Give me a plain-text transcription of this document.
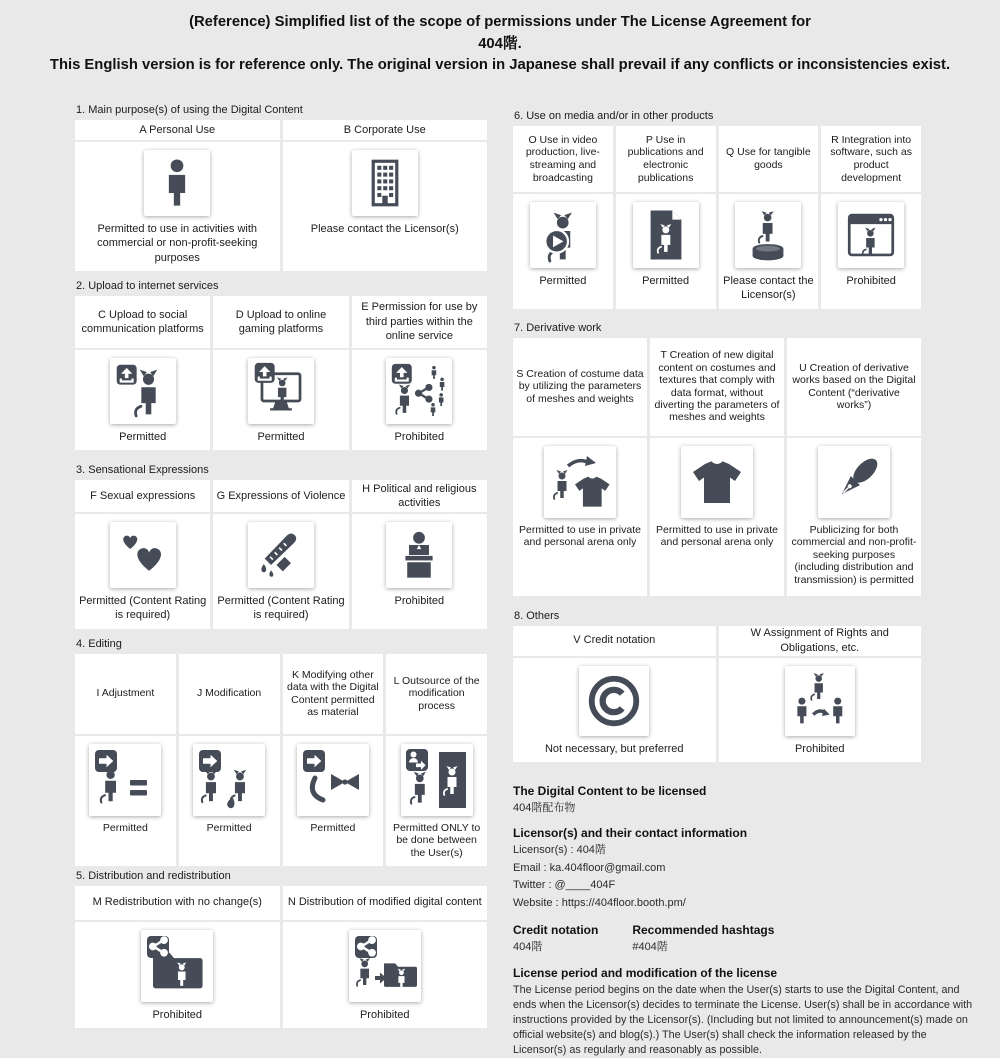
(Reference) Simplified list of the scope of permissions under The License Agreement for
404階.
This English version is for reference only. The original version in Japanese shall prevail if any conflicts or inconsistencies exist.
1. Main purpose(s) of using the Digital Content
A Personal Use
Permitted to use in activities with commercial or non-profit-seeking purposes
B Corporate Use
Please contact the Licensor(s)
2. Upload to internet services
C Upload to social communication platforms
Permitted
D Upload to online gaming platforms
Permitted
E Permission for use by third parties within the online service
Prohibited
3. Sensational Expressions
F Sexual expressions
Permitted (Content Rating is required)
G Expressions of Violence
Permitted (Content Rating is required)
H Political and religious activities
Prohibited
4. Editing
I Adjustment
Permitted
J Modification
Permitted
K Modifying other data with the Digital Content permitted as material
Permitted
L Outsource of the modification process
Permitted ONLY to be done between the User(s)
5. Distribution and redistribution
M Redistribution with no change(s)
Prohibited
N Distribution of modified digital content
Prohibited
6. Use on media and/or in other products
O Use in video production, live-streaming and broadcasting
Permitted
P Use in publications and electronic publications
Permitted
Q Use for tangible goods
Please contact the Licensor(s)
R Integration into software, such as product development
Prohibited
7. Derivative work
S Creation of costume data by utilizing the parameters of meshes and weights
Permitted to use in private and personal arena only
T Creation of new digital content on costumes and textures that comply with data format, without diverting the parameters of meshes and weights
Permitted to use in private and personal arena only
U Creation of derivative works based on the Digital Content (“derivative works”)
Publicizing for both commercial and non-profit-seeking purposes (including distribution and transmission) is permitted
8. Others
V Credit notation
Not necessary, but preferred
W Assignment of Rights and Obligations, etc.
Prohibited
The Digital Content to be licensed
404階配布物
Licensor(s) and their contact information
Licensor(s) : 404階
Email : ka.404floor@gmail.com
Twitter : @____404F
Website : https://404floor.booth.pm/
Credit notation
404階
Recommended hashtags
#404階
License period and modification of the license
The License period begins on the date when the User(s) starts to use the Digital Content, and ends when the Licensor(s) decides to terminate the License. User(s) shall be in accordance with instructions provided by the Licensor(s). (Including but not limited to announcement(s) made on official website(s) and blog(s).) The User(s) shall check the information released by the Licensor(s) as regularly and reasonably as possible.
